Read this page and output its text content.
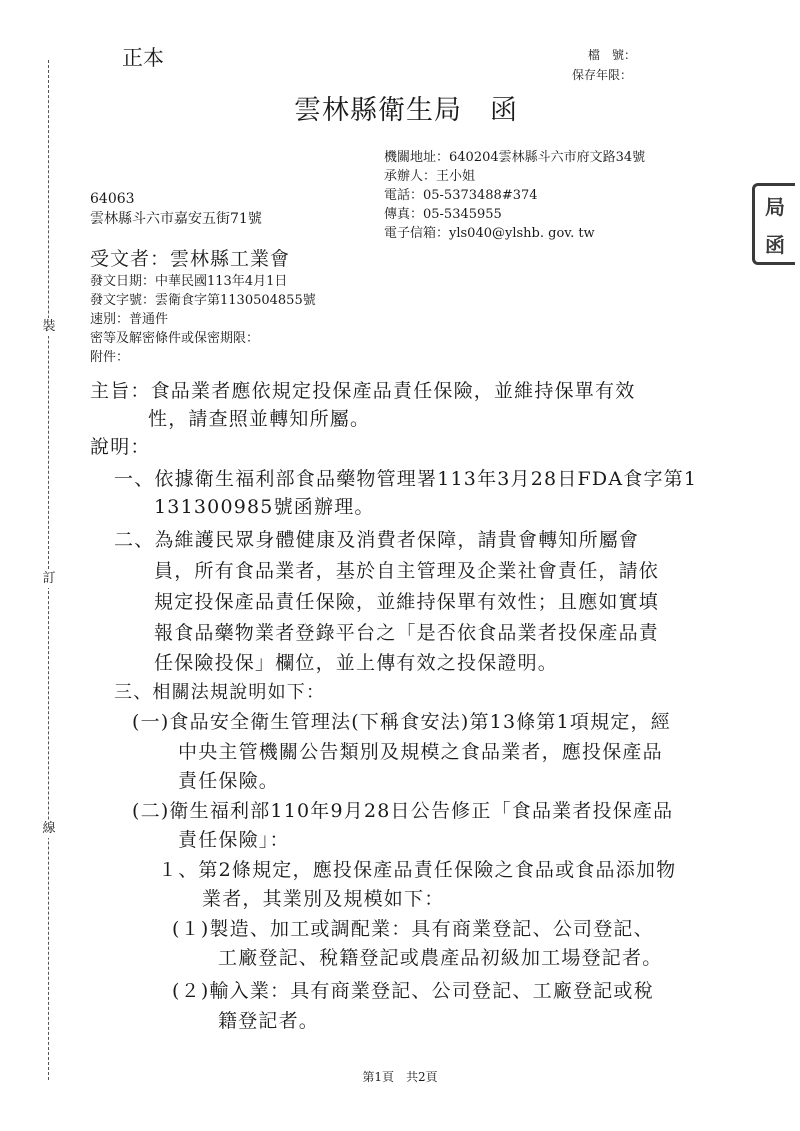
裝
訂
線
局
函
正本	檔　號：
保存年限：
雲林縣衛生局　函
機關地址：640204雲林縣斗六市府文路34號
承辦人：王小姐
電話：05-5373488#374
傳真：05-5345955
電子信箱：yls040@ylshb. gov. tw
64063
雲林縣斗六市嘉安五街71號
受文者：雲林縣工業會
發文日期：中華民國113年4月1日
發文字號：雲衛食字第1130504855號
速別：普通件
密等及解密條件或保密期限：
附件：
主旨：食品業者應依規定投保產品責任保險，並維持保單有效
性，請查照並轉知所屬。
說明：
一、依據衛生福利部食品藥物管理署113年3月28日FDA食字第1
131300985號函辦理。
二、為維護民眾身體健康及消費者保障，請貴會轉知所屬會
員，所有食品業者，基於自主管理及企業社會責任，請依
規定投保產品責任保險，並維持保單有效性；且應如實填
報食品藥物業者登錄平台之「是否依食品業者投保產品責
任保險投保」欄位，並上傳有效之投保證明。
三、相關法規說明如下：
(一)食品安全衛生管理法(下稱食安法)第13條第1項規定，經
中央主管機關公告類別及規模之食品業者，應投保產品
責任保險。
(二)衛生福利部110年9月28日公告修正「食品業者投保產品
責任保險」：
１、第2條規定，應投保產品責任保險之食品或食品添加物
業者，其業別及規模如下：
(１)製造、加工或調配業：具有商業登記、公司登記、
工廠登記、稅籍登記或農產品初級加工場登記者。
(２)輸入業：具有商業登記、公司登記、工廠登記或稅
籍登記者。
第1頁　共2頁
